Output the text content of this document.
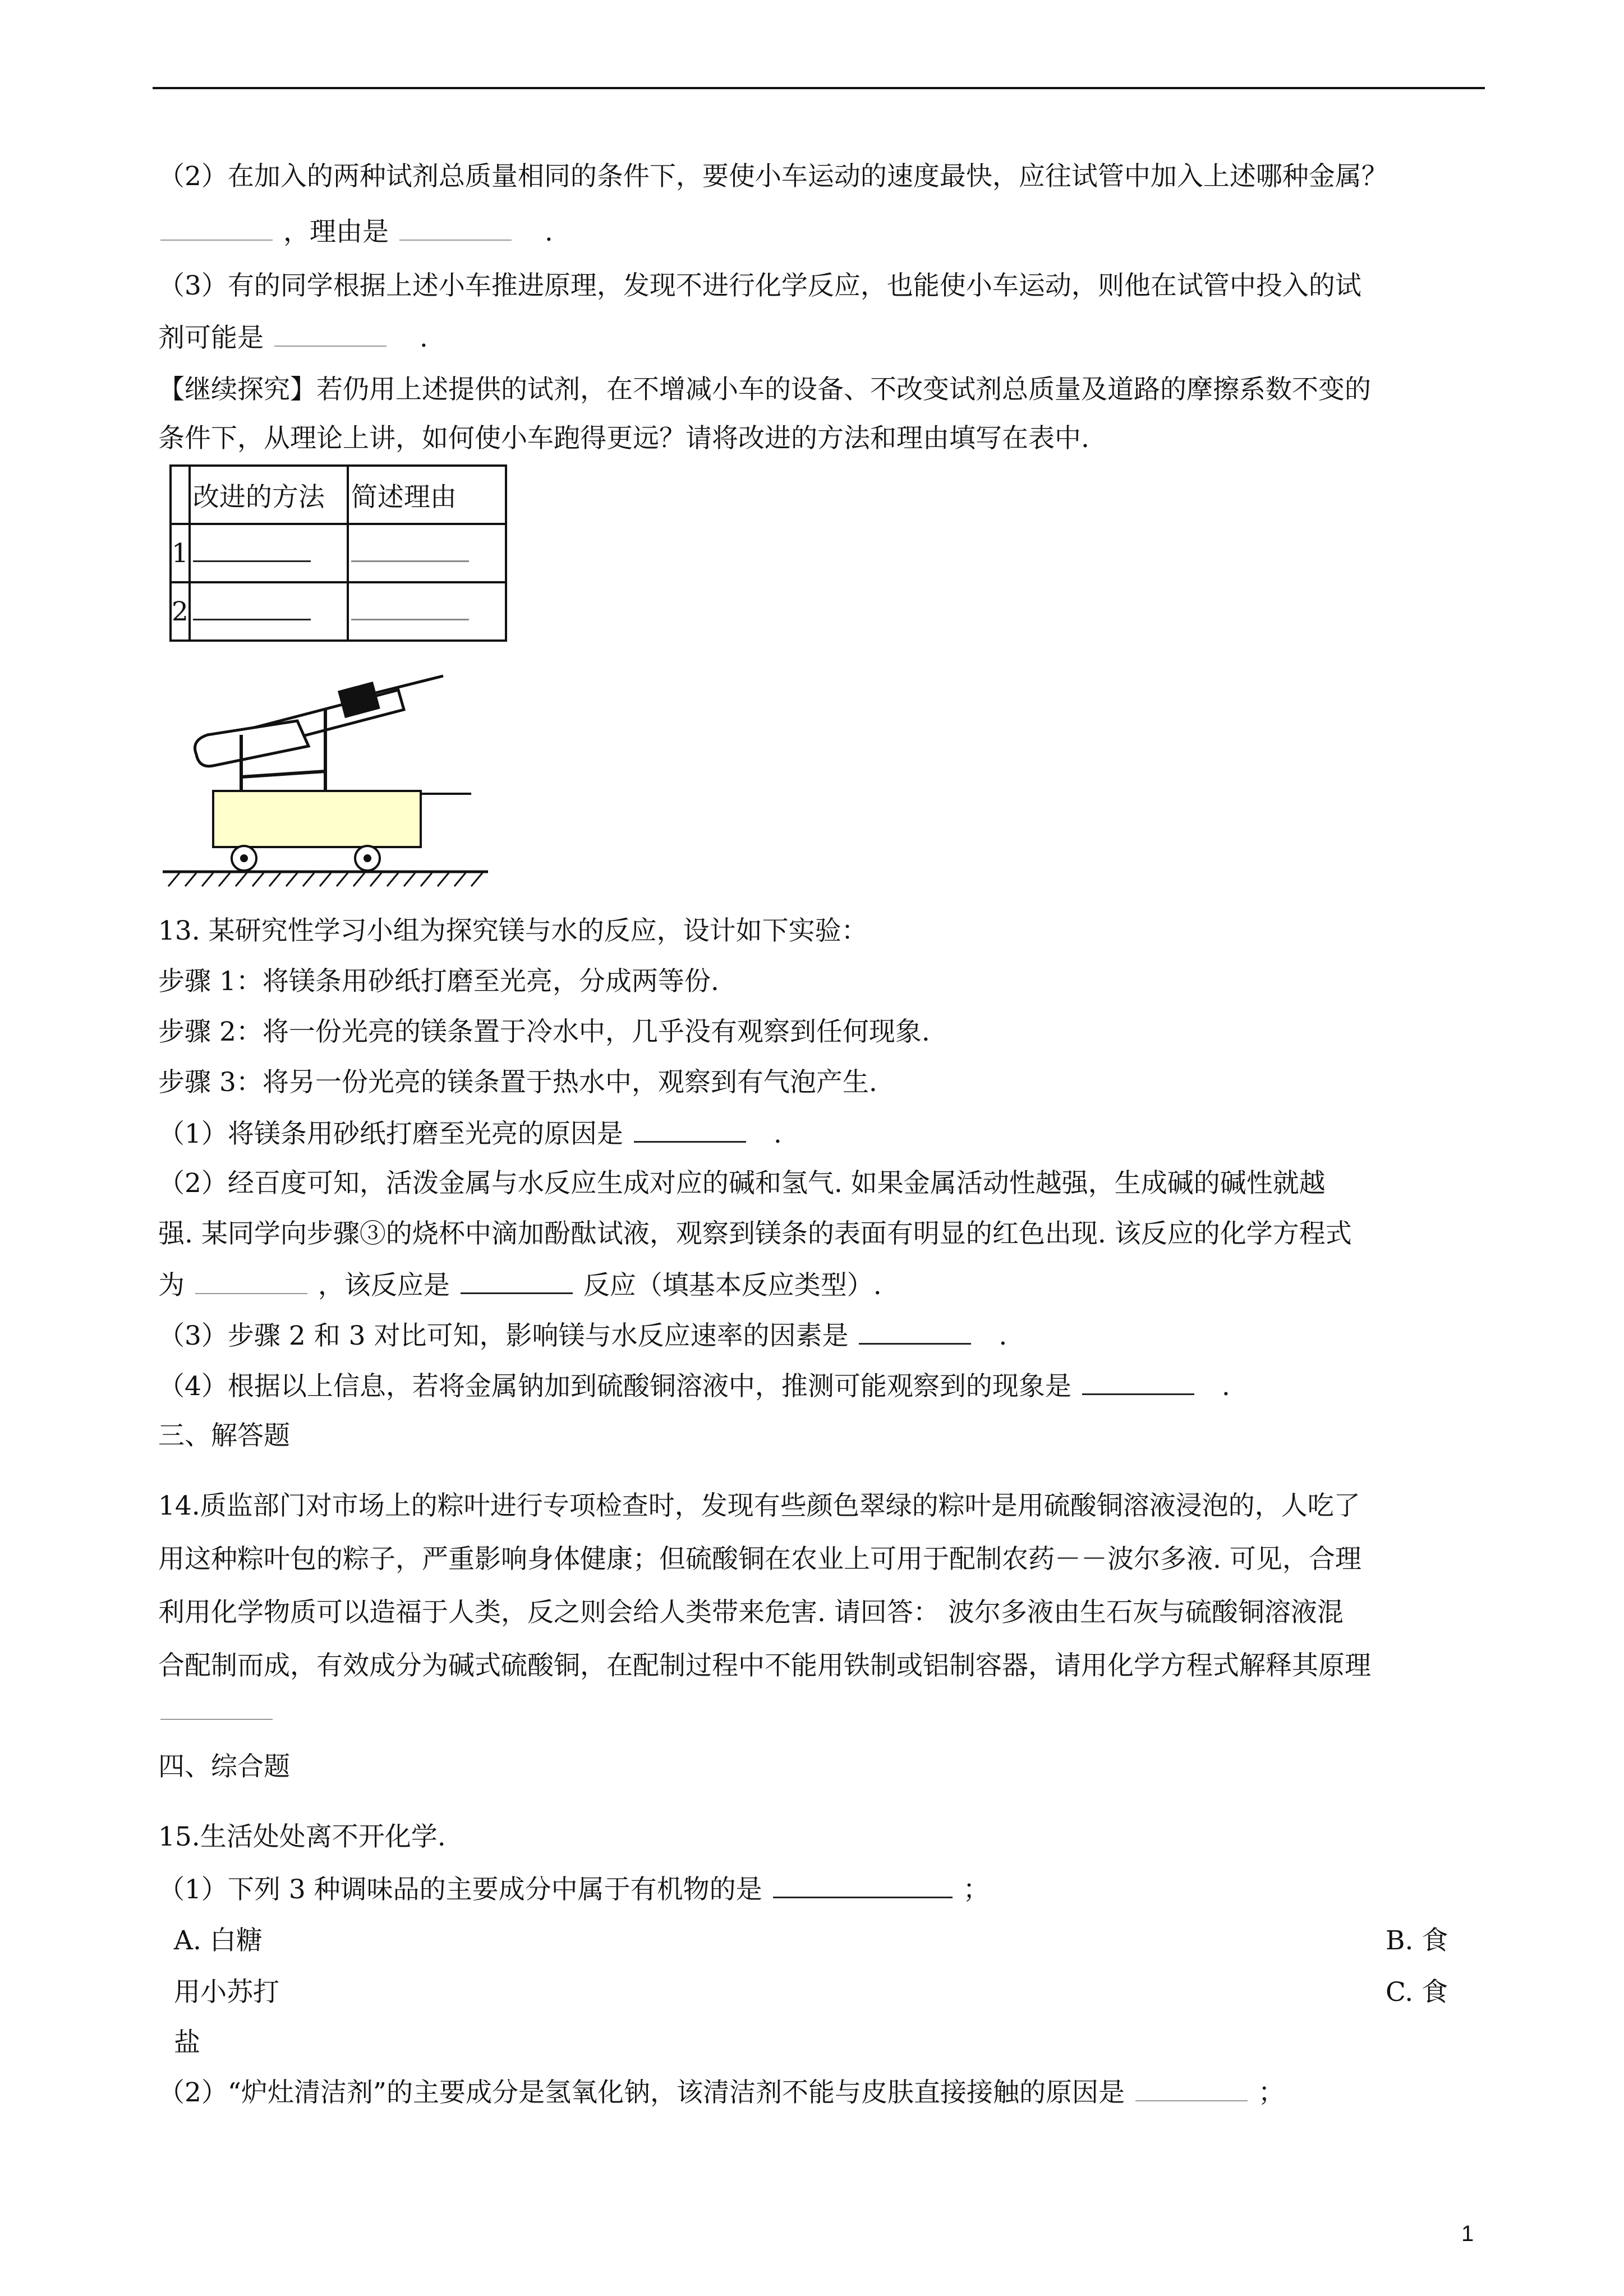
（2）在加入的两种试剂总质量相同的条件下，要使小车运动的速度最快，应往试管中加入上述哪种金属？
，理由是	.
（3）有的同学根据上述小车推进原理，发现不进行化学反应，也能使小车运动，则他在试管中投入的试
剂可能是	.
【继续探究】若仍用上述提供的试剂，在不增减小车的设备、不改变试剂总质量及道路的摩擦系数不变的
条件下，从理论上讲，如何使小车跑得更远？请将改进的方法和理由填写在表中.
	改进的方法	简述理由
1		
2		
13. 某研究性学习小组为探究镁与水的反应，设计如下实验：
步骤 1：将镁条用砂纸打磨至光亮，分成两等份.
步骤 2：将一份光亮的镁条置于冷水中，几乎没有观察到任何现象.
步骤 3：将另一份光亮的镁条置于热水中，观察到有气泡产生.
（1）将镁条用砂纸打磨至光亮的原因是	.
（2）经百度可知，活泼金属与水反应生成对应的碱和氢气. 如果金属活动性越强，生成碱的碱性就越
强. 某同学向步骤③的烧杯中滴加酚酞试液，观察到镁条的表面有明显的红色出现. 该反应的化学方程式
为	，该反应是	反应（填基本反应类型）.
（3）步骤 2 和 3 对比可知，影响镁与水反应速率的因素是	.
（4）根据以上信息，若将金属钠加到硫酸铜溶液中，推测可能观察到的现象是	.
三、解答题
14.质监部门对市场上的粽叶进行专项检查时，发现有些颜色翠绿的粽叶是用硫酸铜溶液浸泡的，人吃了
用这种粽叶包的粽子，严重影响身体健康；但硫酸铜在农业上可用于配制农药－－波尔多液. 可见，合理
利用化学物质可以造福于人类，反之则会给人类带来危害. 请回答： 波尔多液由生石灰与硫酸铜溶液混
合配制而成，有效成分为碱式硫酸铜，在配制过程中不能用铁制或铝制容器，请用化学方程式解释其原理
四、综合题
15.生活处处离不开化学.
（1）下列 3 种调味品的主要成分中属于有机物的是	；
A. 白糖	B. 食
用小苏打	C. 食
盐
（2）“炉灶清洁剂”的主要成分是氢氧化钠，该清洁剂不能与皮肤直接接触的原因是	；
1
